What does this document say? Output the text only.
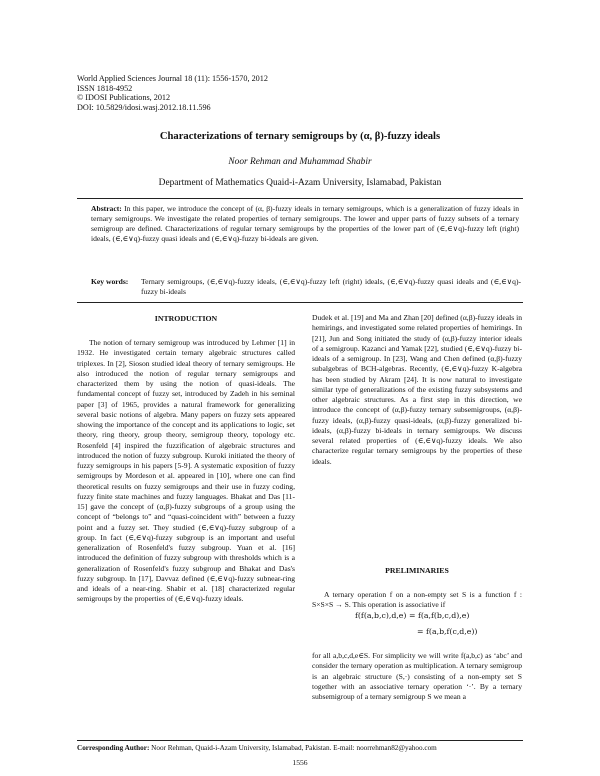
World Applied Sciences Journal 18 (11): 1556-1570, 2012
ISSN 1818-4952
© IDOSI Publications, 2012
DOI: 10.5829/idosi.wasj.2012.18.11.596
Characterizations of ternary semigroups by (α, β)-fuzzy ideals
Noor Rehman and Muhammad Shabir
Department of Mathematics Quaid-i-Azam University, Islamabad, Pakistan
Abstract: In this paper, we introduce the concept of (α, β)-fuzzy ideals in ternary semigroups, which is a generalization of fuzzy ideals in ternary semigroups. We investigate the related properties of ternary semigroups. The lower and upper parts of fuzzy subsets of a ternary semigroup are defined. Characterizations of regular ternary semigroups by the properties of the lower part of (∈,∈∨q)-fuzzy left (right) ideals, (∈,∈∨q)-fuzzy quasi ideals and (∈,∈∨q)-fuzzy bi-ideals are given.
Key words: Ternary semigroups, (∈,∈∨q)-fuzzy ideals, (∈,∈∨q)-fuzzy left (right) ideals, (∈,∈∨q)-fuzzy quasi ideals and (∈,∈∨q)-fuzzy bi-ideals
INTRODUCTION

The notion of ternary semigroup was introduced by Lehmer [1] in 1932. He investigated certain ternary algebraic structures called triplexes. In [2], Sioson studied ideal theory of ternary semigroups. He also introduced the notion of regular ternary semigroups and characterized them by using the notion of quasi-ideals. The fundamental concept of fuzzy set, introduced by Zadeh in his seminal paper [3] of 1965, provides a natural framework for generalizing several basic notions of algebra. Many papers on fuzzy sets appeared showing the importance of the concept and its applications to logic, set theory, ring theory, group theory, semigroup theory, topology etc. Rosenfeld [4] inspired the fuzzification of algebraic structures and introduced the notion of fuzzy subgroup. Kuroki initiated the theory of fuzzy semigroups in his papers [5-9]. A systematic exposition of fuzzy semigroups by Mordeson et al. appeared in [10], where one can find theoretical results on fuzzy semigroups and their use in fuzzy coding, fuzzy finite state machines and fuzzy languages. Bhakat and Das [11-15] gave the concept of (α,β)-fuzzy subgroups of a group using the concept of “belongs to” and “quasi-coincident with” between a fuzzy point and a fuzzy set. They studied (∈,∈∨q)-fuzzy subgroup of a group. In fact (∈,∈∨q)-fuzzy subgroup is an important and useful generalization of Rosenfeld's fuzzy subgroup. Yuan et al. [16] introduced the definition of fuzzy subgroup with thresholds which is a generalization of Rosenfeld's fuzzy subgroup and Bhakat and Das's fuzzy subgroup. In [17], Davvaz defined (∈,∈∨q)-fuzzy subnear-ring and ideals of a near-ring. Shabir et al. [18] characterized regular semigroups by the properties of (∈,∈∨q)-fuzzy ideals.

Dudek et al. [19] and Ma and Zhan [20] defined (α,β)-fuzzy ideals in hemirings, and investigated some related properties of hemirings. In [21], Jun and Song initiated the study of (α,β)-fuzzy interior ideals of a semigroup. Kazanci and Yamak [22], studied (∈,∈∨q)-fuzzy bi-ideals of a semigroup. In [23], Wang and Chen defined (α,β)-fuzzy subalgebras of BCH-algebras. Recently, (∈,∈∨q)-fuzzy K-algebra has been studied by Akram [24]. It is now natural to investigate similar type of generalizations of the existing fuzzy subsystems and other algebraic structures. As a first step in this direction, we introduce the concept of (α,β)-fuzzy ternary subsemigroups, (α,β)-fuzzy ideals, (α,β)-fuzzy quasi-ideals, (α,β)-fuzzy generalized bi-ideals, (α,β)-fuzzy bi-ideals in ternary semigroups. We discuss several related properties of (∈,∈∨q)-fuzzy ideals. We also characterize regular ternary semigroups by the properties of these ideals.

PRELIMINARIES

A ternary operation f on a non-empty set S is a function f : S×S×S → S. This operation is associative if

f(f(a,b,c),d,e) = f(a,f(b,c,d),e)
= f(a,b,f(c,d,e))

for all a,b,c,d,e∈S. For simplicity we will write f(a,b,c) as ‘abc’ and consider the ternary operation as multiplication. A ternary semigroup is an algebraic structure (S,·) consisting of a non-empty set S together with an associative ternary operation ‘·’. By a ternary subsemigroup of a ternary semigroup S we mean a

Corresponding Author: Noor Rehman, Quaid-i-Azam University, Islamabad, Pakistan. E-mail: noorrehman82@yahoo.com
1556
